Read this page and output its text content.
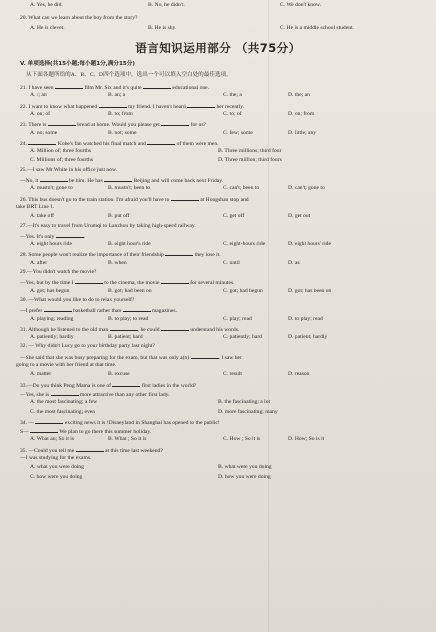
A. Yes, he did.	B. No, he didn't.	C. We don't know.
20. What can we learn about the boy from the story?
A. He is clever.	B. He is shy.	C. He is a middle school student.
语言知识运用部分 （共75分）
V. 单项选择(共15小题;每小题1分,满分15分)
从下面各题所给的A、B、C、D四个选项中，选出一个可以填入空白处的最佳选项。
21. I have seen	film Mr. Six and it's quite	educational one.
A. /; an	B. an; a	C. the; a	D. the; an
22. I want to know what happened	my friend. I haven't heard	her recently.
A. on; of	B. to; from	C. to; of	D. on; from
23. There is	bread at home. Would you please get	for us?
A. no; some	B. not; some	C. few; some	D. little; any
24.	Kobe's fan watched his final match and	of them were men.
A. Million of; three fourths	B. Three millions; third four
C. Millions of; three fourths	D. Three million; third fours
25.—I saw Mr.White in his office just now.
—No, it	be him. He has	Beijing and will come back next Friday.
A. mustn't; gone to	B. mustn't; been to	C. can't; been to	D. can't; gone to
26. This bus doesn't go to the train station. I'm afraid you'll have to	at Hongshan stop and
take BRT Line 1.
A. take off	B. put off	C. get off	D. get out
27.—It's easy to travel from Urumqi to Lanzhou by taking high-speed railway.
—Yes. It's only	.
A. eight hours ride	B. eight hour's ride	C. eight-hours ride	D. eight hours' ride
28. Some people won't realize the importance of their friendship	they lose it.
A. after	B. when	C. until	D. as
29.—You didn't watch the movie?
—Yes, but by the time I	to the cinema, the movie	for several minutes.
A. got; has begun	B. got; had been on	C. got; had begun	D. got; has been on
30. —What would you like to do to relax yourself?
—I prefer	basketball rather than	magazines.
A. playing; reading	B. to play; to read	C. play; read	D. to play; read
31. Although he listened to the old man	, he could	understand his words.
A. patiently; hardly	B. patient; hard	C. patiently; hard	D. patient; hardly
32. — Why didn't Lucy go to your birthday party last night?
—She said that she was busy preparing for the exam, but that was only a(n)	. I saw her
going to a movie with her friend at that time.
A. matter	B. excuse	C. result	D. reason
33.—Do you think Peng Mama is one of	first ladies in the world?
—Yes, she is	more attractive than any other first lady.
A. the most fascinating; a few	B. the fascinating; a lot
C. the most fascinating; even	D. more fascinating; many
34. —	exciting news it is !Disneyland in Shanghai has opened to the public!
S—	We plan to go there this summer holiday.
A. What an; So it is	B. What ; So it is	C. How ; So it is	D. How; So is it
35. —Could you tell me	at this time last weekend?
—I was studying for the exams.
A. what you were doing	B. what were you doing
C. how were you doing	D. how you were doing
